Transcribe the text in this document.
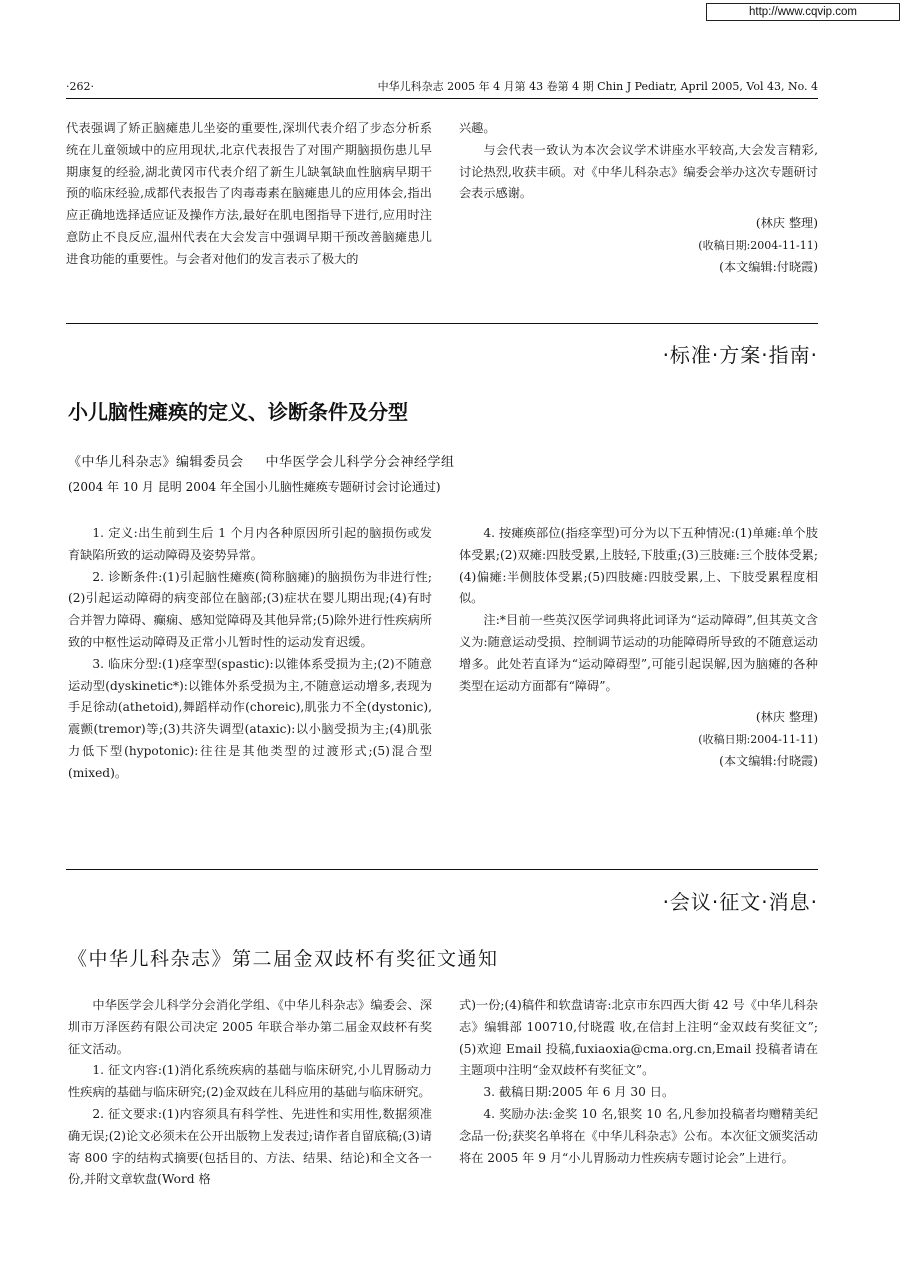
http://www.cqvip.com
·262·	中华儿科杂志 2005 年 4 月第 43 卷第 4 期 Chin J Pediatr, April 2005, Vol 43, No. 4

代表强调了矫正脑瘫患儿坐姿的重要性,深圳代表介绍了步态分析系统在儿童领域中的应用现状,北京代表报告了对围产期脑损伤患儿早期康复的经验,湖北黄冈市代表介绍了新生儿缺氧缺血性脑病早期干预的临床经验,成都代表报告了肉毒毒素在脑瘫患儿的应用体会,指出应正确地选择适应证及操作方法,最好在肌电图指导下进行,应用时注意防止不良反应,温州代表在大会发言中强调早期干预改善脑瘫患儿进食功能的重要性。与会者对他们的发言表示了极大的

兴趣。

与会代表一致认为本次会议学术讲座水平较高,大会发言精彩,讨论热烈,收获丰硕。对《中华儿科杂志》编委会举办这次专题研讨会表示感谢。

(林庆 整理)
(收稿日期:2004-11-11)
(本文编辑:付晓霞)
·标准·方案·指南·
小儿脑性瘫痪的定义、诊断条件及分型
《中华儿科杂志》编辑委员会 中华医学会儿科学分会神经学组
(2004 年 10 月 昆明 2004 年全国小儿脑性瘫痪专题研讨会讨论通过)

1. 定义:出生前到生后 1 个月内各种原因所引起的脑损伤或发育缺陷所致的运动障碍及姿势异常。

2. 诊断条件:(1)引起脑性瘫痪(简称脑瘫)的脑损伤为非进行性;(2)引起运动障碍的病变部位在脑部;(3)症状在婴儿期出现;(4)有时合并智力障碍、癫痫、感知觉障碍及其他异常;(5)除外进行性疾病所致的中枢性运动障碍及正常小儿暂时性的运动发育迟缓。

3. 临床分型:(1)痉挛型(spastic):以锥体系受损为主;(2)不随意运动型(dyskinetic*):以锥体外系受损为主,不随意运动增多,表现为手足徐动(athetoid),舞蹈样动作(choreic),肌张力不全(dystonic),震颤(tremor)等;(3)共济失调型(ataxic):以小脑受损为主;(4)肌张力低下型(hypotonic):往往是其他类型的过渡形式;(5)混合型(mixed)。

4. 按瘫痪部位(指痉挛型)可分为以下五种情况:(1)单瘫:单个肢体受累;(2)双瘫:四肢受累,上肢轻,下肢重;(3)三肢瘫:三个肢体受累;(4)偏瘫:半侧肢体受累;(5)四肢瘫:四肢受累,上、下肢受累程度相似。

注:*目前一些英汉医学词典将此词译为“运动障碍”,但其英文含义为:随意运动受损、控制调节运动的功能障碍所导致的不随意运动增多。此处若直译为“运动障碍型”,可能引起误解,因为脑瘫的各种类型在运动方面都有“障碍”。

(林庆 整理)
(收稿日期:2004-11-11)
(本文编辑:付晓霞)
·会议·征文·消息·
《中华儿科杂志》第二届金双歧杯有奖征文通知

中华医学会儿科学分会消化学组、《中华儿科杂志》编委会、深圳市万泽医药有限公司决定 2005 年联合举办第二届金双歧杯有奖征文活动。

1. 征文内容:(1)消化系统疾病的基础与临床研究,小儿胃肠动力性疾病的基础与临床研究;(2)金双歧在儿科应用的基础与临床研究。

2. 征文要求:(1)内容须具有科学性、先进性和实用性,数据须准确无误;(2)论文必须未在公开出版物上发表过;请作者自留底稿;(3)请寄 800 字的结构式摘要(包括目的、方法、结果、结论)和全文各一份,并附文章软盘(Word 格

式)一份;(4)稿件和软盘请寄:北京市东四西大街 42 号《中华儿科杂志》编辑部 100710,付晓霞 收,在信封上注明“金双歧有奖征文”;(5)欢迎 Email 投稿,fuxiaoxia@cma.org.cn,Email 投稿者请在主题项中注明“金双歧杯有奖征文”。

3. 截稿日期:2005 年 6 月 30 日。

4. 奖励办法:金奖 10 名,银奖 10 名,凡参加投稿者均赠精美纪念品一份;获奖名单将在《中华儿科杂志》公布。本次征文颁奖活动将在 2005 年 9 月“小儿胃肠动力性疾病专题讨论会”上进行。
